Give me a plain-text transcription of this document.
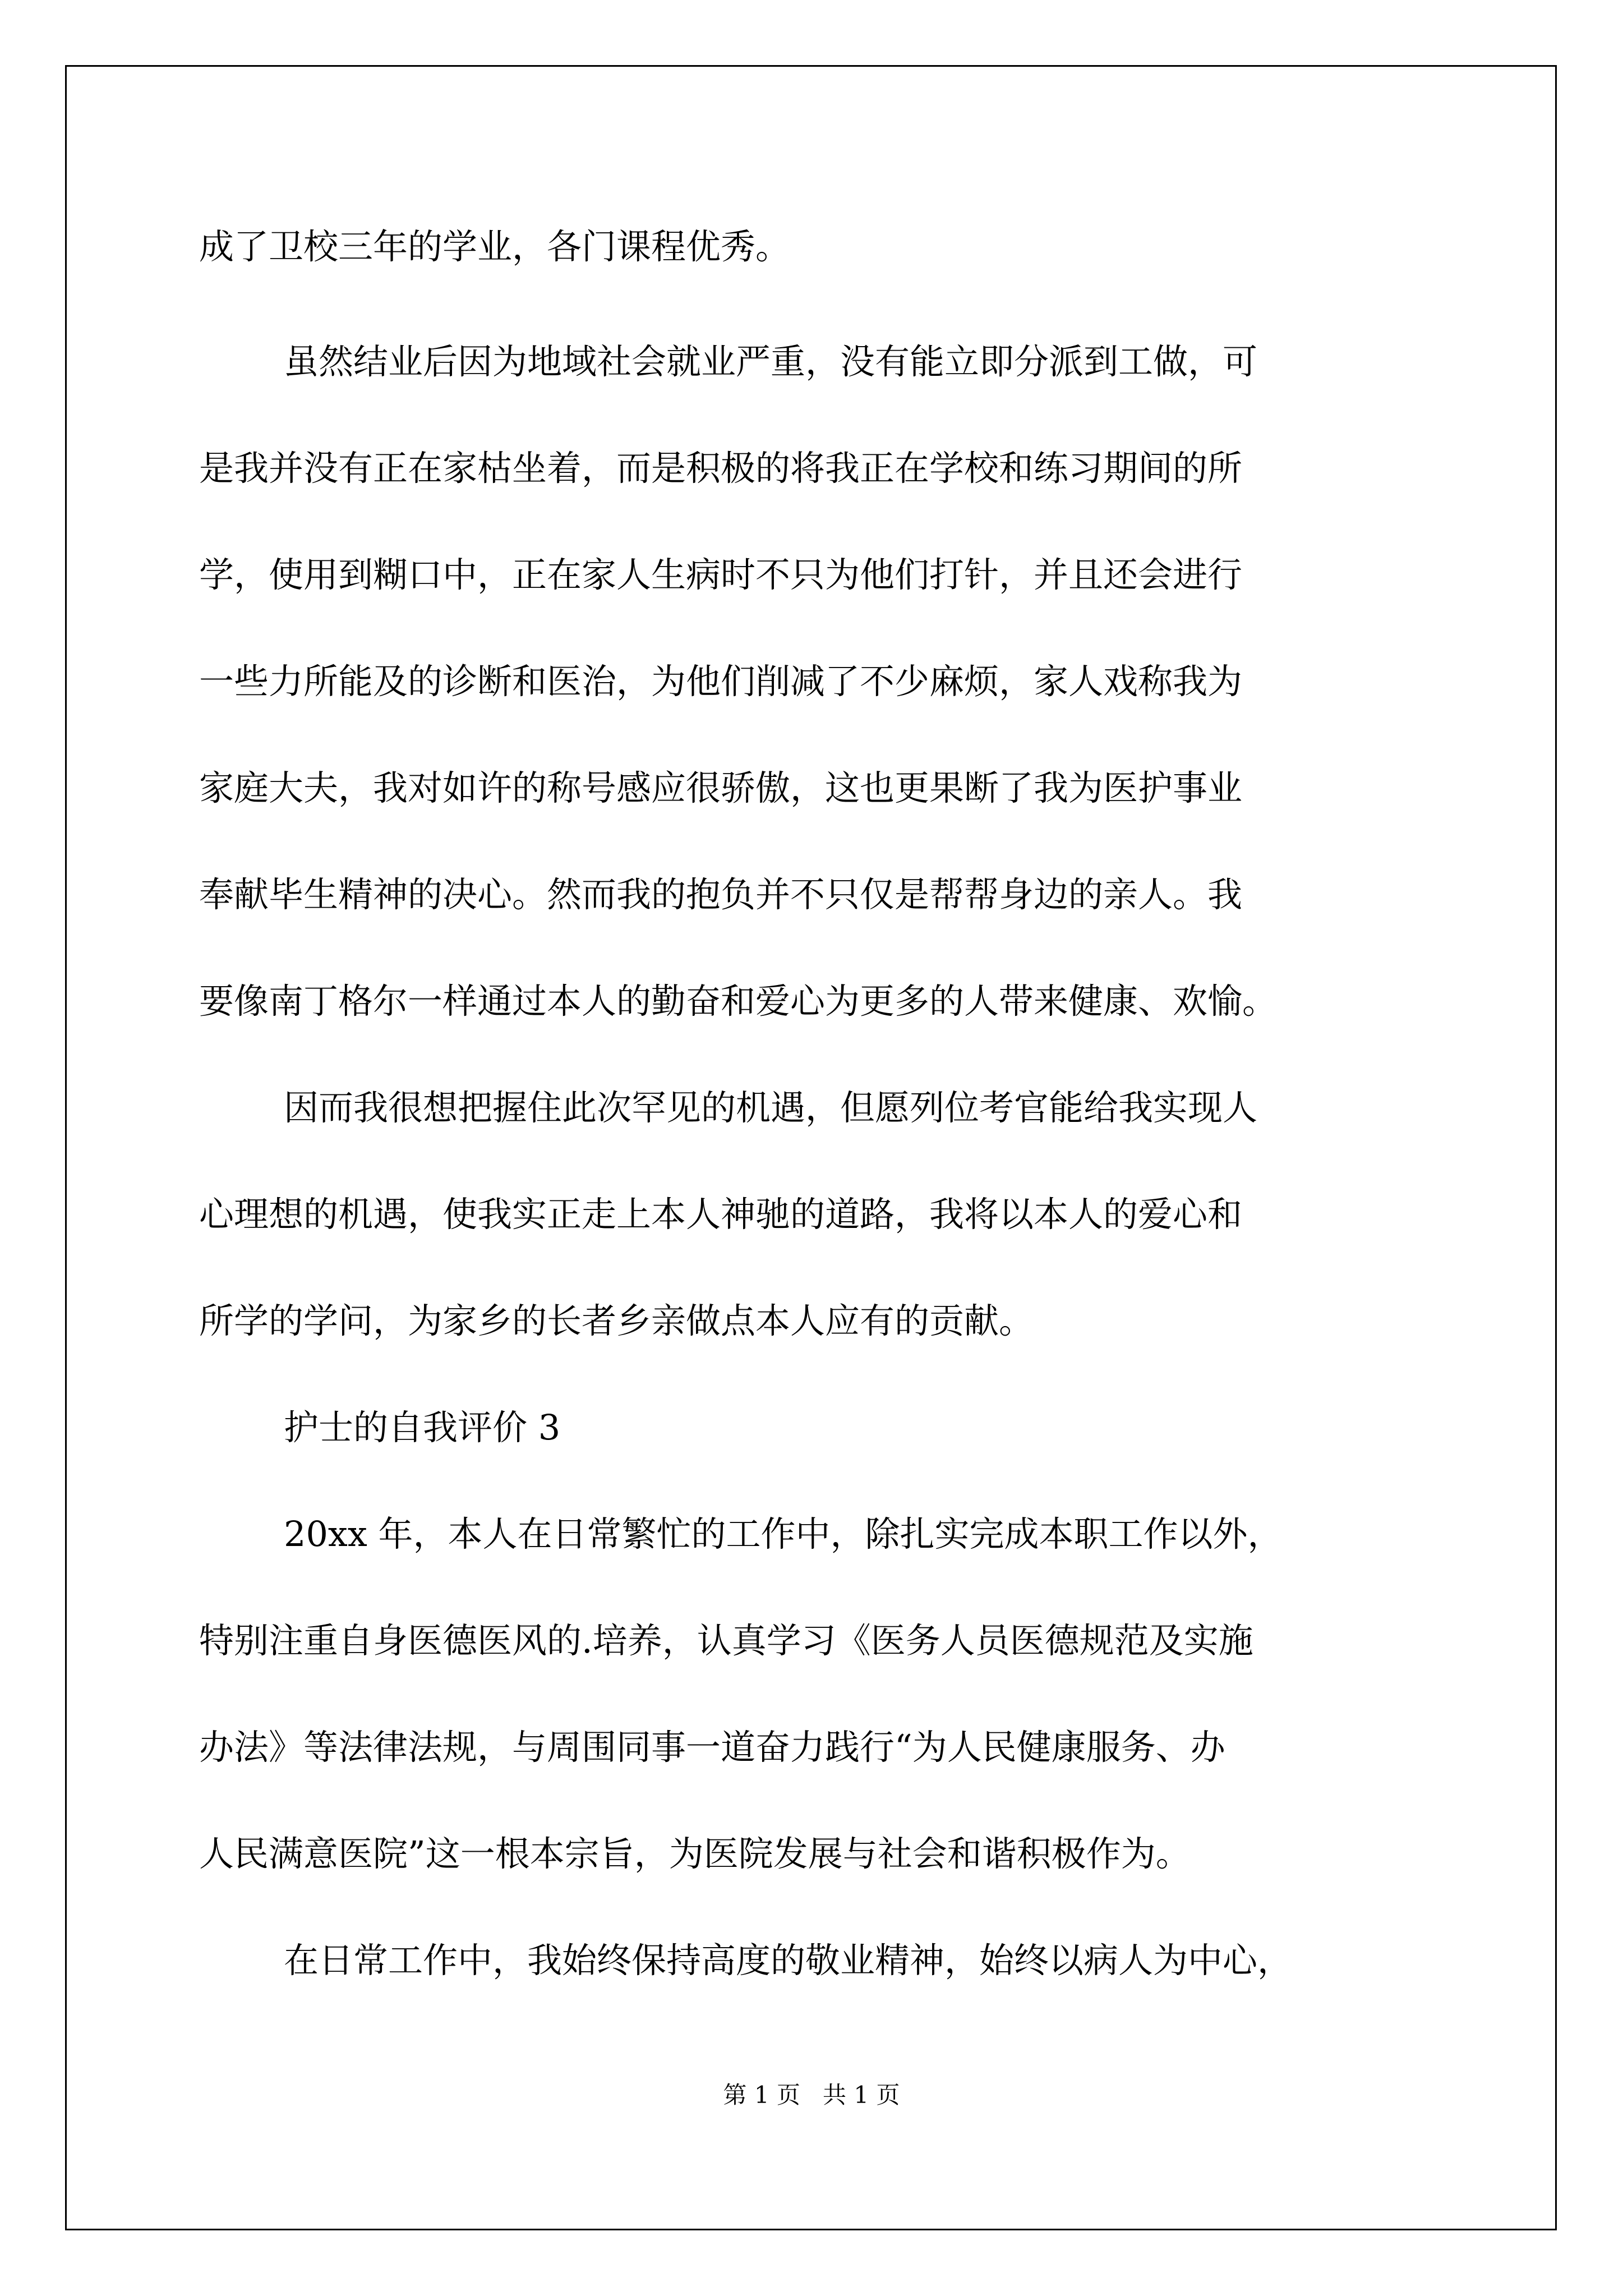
成了卫校三年的学业，各门课程优秀。
虽然结业后因为地域社会就业严重，没有能立即分派到工做，可
是我并没有正在家枯坐着，而是积极的将我正在学校和练习期间的所
学，使用到糊口中，正在家人生病时不只为他们打针，并且还会进行
一些力所能及的诊断和医治，为他们削减了不少麻烦，家人戏称我为
家庭大夫，我对如许的称号感应很骄傲，这也更果断了我为医护事业
奉献毕生精神的决心。然而我的抱负并不只仅是帮帮身边的亲人。我
要像南丁格尔一样通过本人的勤奋和爱心为更多的人带来健康、欢愉。
因而我很想把握住此次罕见的机遇，但愿列位考官能给我实现人
心理想的机遇，使我实正走上本人神驰的道路，我将以本人的爱心和
所学的学问，为家乡的长者乡亲做点本人应有的贡献。
护士的自我评价 3
20xx 年，本人在日常繁忙的工作中，除扎实完成本职工作以外，
特别注重自身医德医风的.培养，认真学习《医务人员医德规范及实施
办法》等法律法规，与周围同事一道奋力践行“为人民健康服务、办
人民满意医院”这一根本宗旨，为医院发展与社会和谐积极作为。
在日常工作中，我始终保持高度的敬业精神，始终以病人为中心，
第 1 页   共 1 页
